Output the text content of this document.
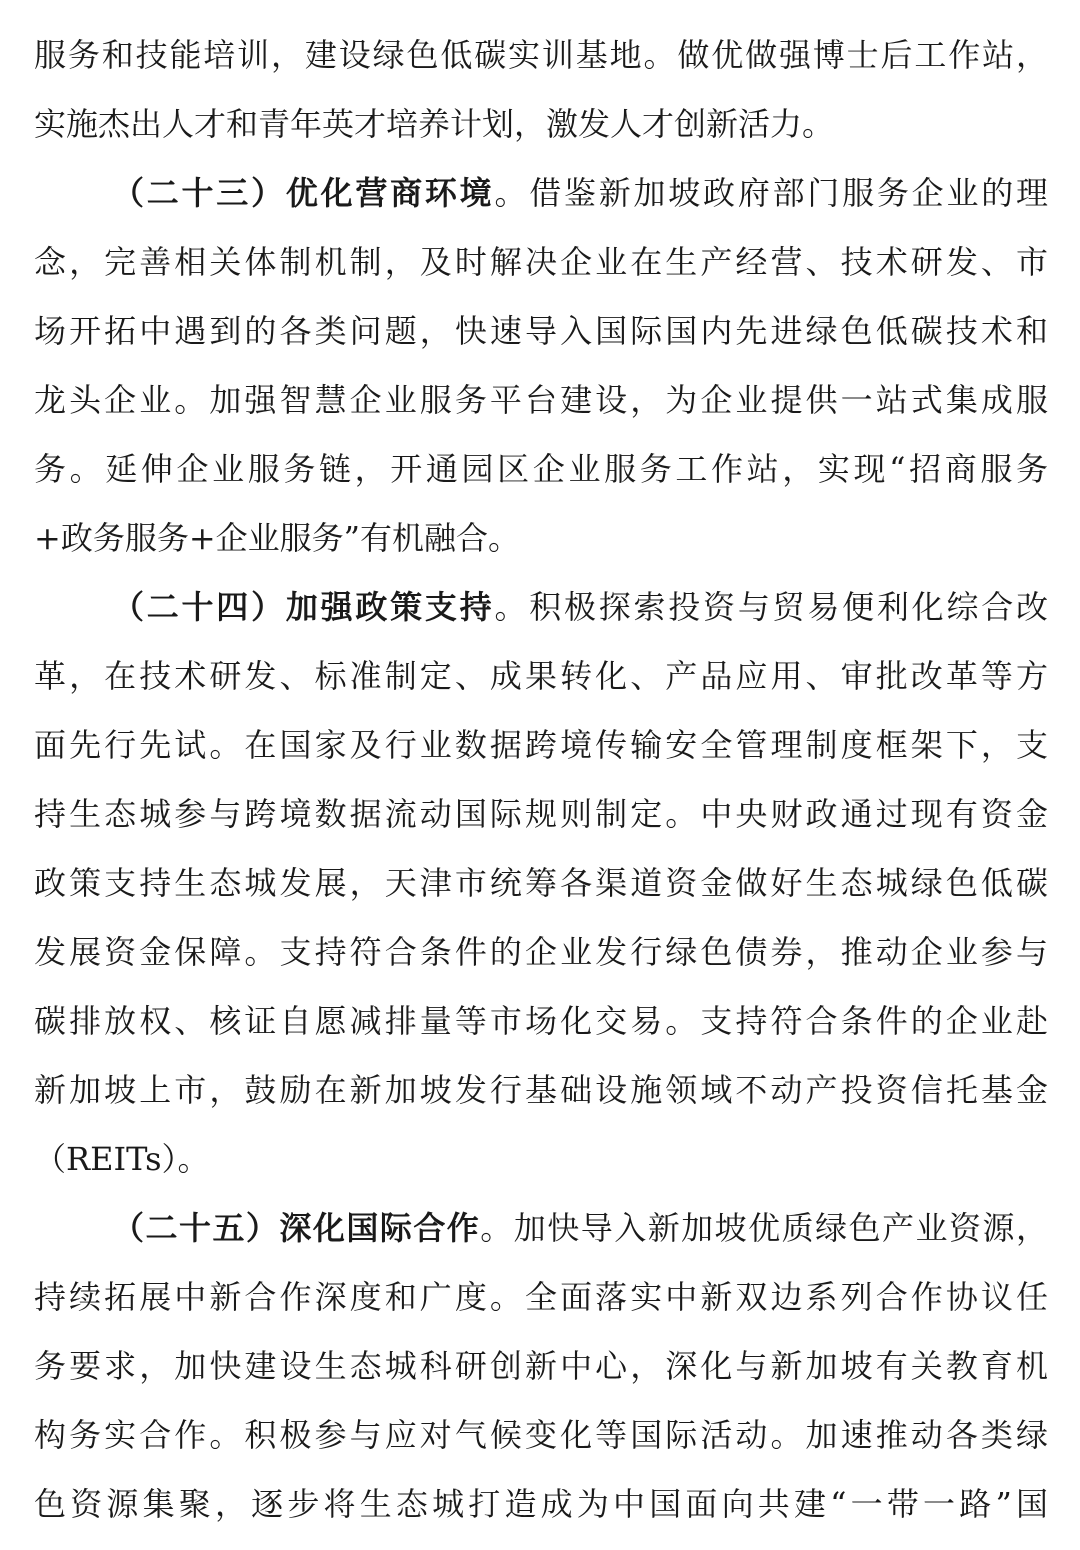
服务和技能培训，建设绿色低碳实训基地。做优做强博士后工作站，
实施杰出人才和青年英才培养计划，激发人才创新活力。
（二十三）优化营商环境。借鉴新加坡政府部门服务企业的理
念，完善相关体制机制，及时解决企业在生产经营、技术研发、市
场开拓中遇到的各类问题，快速导入国际国内先进绿色低碳技术和
龙头企业。加强智慧企业服务平台建设，为企业提供一站式集成服
务。延伸企业服务链，开通园区企业服务工作站，实现“招商服务
+政务服务+企业服务”有机融合。
（二十四）加强政策支持。积极探索投资与贸易便利化综合改
革，在技术研发、标准制定、成果转化、产品应用、审批改革等方
面先行先试。在国家及行业数据跨境传输安全管理制度框架下，支
持生态城参与跨境数据流动国际规则制定。中央财政通过现有资金
政策支持生态城发展，天津市统筹各渠道资金做好生态城绿色低碳
发展资金保障。支持符合条件的企业发行绿色债券，推动企业参与
碳排放权、核证自愿减排量等市场化交易。支持符合条件的企业赴
新加坡上市，鼓励在新加坡发行基础设施领域不动产投资信托基金
（REITs）。
（二十五）深化国际合作。加快导入新加坡优质绿色产业资源，
持续拓展中新合作深度和广度。全面落实中新双边系列合作协议任
务要求，加快建设生态城科研创新中心，深化与新加坡有关教育机
构务实合作。积极参与应对气候变化等国际活动。加速推动各类绿
色资源集聚，逐步将生态城打造成为中国面向共建“一带一路”国
